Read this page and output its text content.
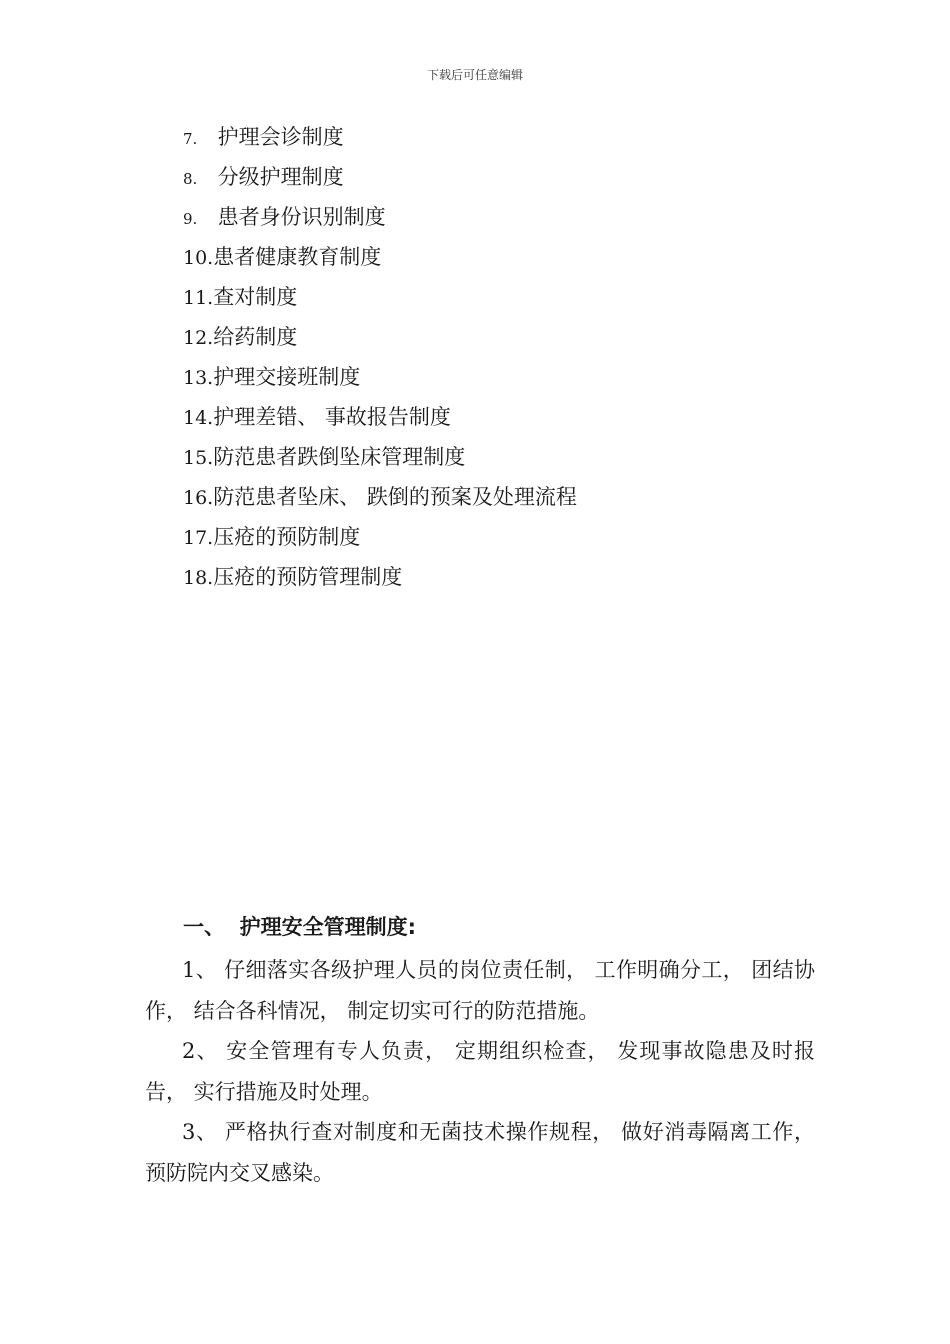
下载后可任意编辑
7. 护理会诊制度
8. 分级护理制度
9. 患者身份识别制度
10.患者健康教育制度
11.查对制度
12.给药制度
13.护理交接班制度
14.护理差错、 事故报告制度
15.防范患者跌倒坠床管理制度
16.防范患者坠床、 跌倒的预案及处理流程
17.压疮的预防制度
18.压疮的预防管理制度
一、  护理安全管理制度:

1、 仔细落实各级护理人员的岗位责任制， 工作明确分工， 团结协作， 结合各科情况， 制定切实可行的防范措施。

2、 安全管理有专人负责， 定期组织检查， 发现事故隐患及时报告， 实行措施及时处理。

3、 严格执行查对制度和无菌技术操作规程， 做好消毒隔离工作， 预防院内交叉感染。
